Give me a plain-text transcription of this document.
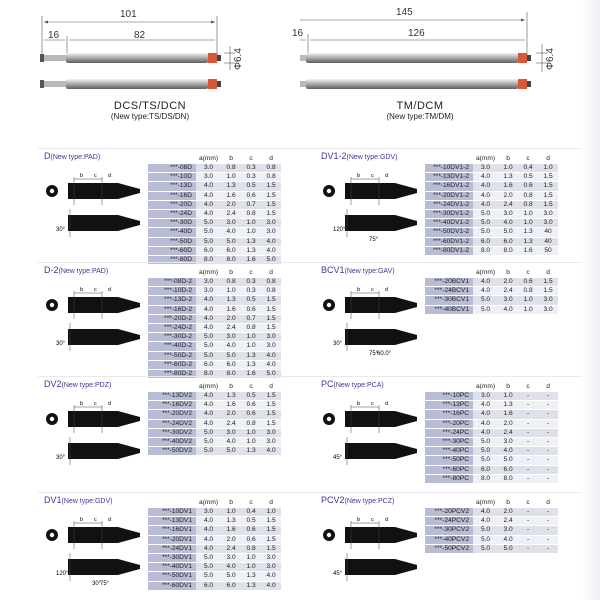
101
16	82
Φ6.4
DCS/TS/DCN
(New type:TS/DS/DN)
145
16	126
Φ6.4
TM/DCM
(New type:TM/DM)
D(New type:PAD)
30°
b c d
	a(mm)	b	c	d
***-08D	3.0	0.8	0.3	0.8
***-10D	3.0	1.0	0.3	0.8
***-13D	4.0	1.3	0.5	1.5
***-16D	4.0	1.6	0.6	1.5
***-20D	4.0	2.0	0.7	1.5
***-24D	4.0	2.4	0.8	1.5
***-30D	5.0	3.0	1.0	3.0
***-40D	5.0	4.0	1.0	3.0
***-50D	5.0	5.0	1.3	4.0
***-60D	6.0	6.0	1.3	4.0
***-80D	8.0	8.0	1.6	5.0
DV1-2(New type:GDV)
120°
75°
b c d
	a(mm)	b	c	d
***-10DV1-2	3.0	1.0	0.4	1.0
***-13DV1-2	4.0	1.3	0.5	1.5
***-16DV1-2	4.0	1.6	0.6	1.5
***-20DV1-2	4.0	2.0	0.8	1.5
***-24DV1-2	4.0	2.4	0.8	1.5
***-30DV1-2	5.0	3.0	1.0	3.0
***-40DV1-2	5.0	4.0	1.0	3.0
***-50DV1-2	5.0	5.0	1.3	40
***-60DV1-2	6.0	6.0	1.3	40
***-80DV1-2	8.0	8.0	1.6	50
D-2(New type:PAD)
30°
b c d
	a(mm)	b	c	d
***-08D-2	3.0	0.8	0.3	0.8
***-10D-2	3.0	1.0	0.3	0.8
***-13D-2	4.0	1.3	0.5	1.5
***-16D-2	4.0	1.6	0.6	1.5
***-20D-2	4.0	2.0	0.7	1.5
***-24D-2	4.0	2.4	0.8	1.5
***-30D-2	5.0	3.0	1.0	3.0
***-40D-2	5.0	4.0	1.0	3.0
***-50D-2	5.0	5.0	1.3	4.0
***-60D-2	6.0	6.0	1.3	4.0
***-80D-2	8.0	8.0	1.6	5.0
BCV1(New type:GAV)
30°
75°
60.0°
b c d
	a(mm)	b	c	d
***-20BCV1	4.0	2.0	0.6	1.5
***-24BCV1	4.0	2.4	0.8	1.5
***-30BCV1	5.0	3.0	1.0	3.0
***-40BCV1	5.0	4.0	1.0	3.0
DV2(New type:PDZ)
30°
b c d
	a(mm)	b	c	d
***-13DV2	4.0	1.3	0.5	1.5
***-16DV2	4.0	1.6	0.6	1.5
***-20DV2	4.0	2.0	0.6	1.5
***-24DV2	4.0	2.4	0.8	1.5
***-30DV2	5.0	3.0	1.0	3.0
***-40DV2	5.0	4.0	1.0	3.0
***-50DV2	5.0	5.0	1.3	4.0
PC(New type:PCA)
45°
b c d
	a(mm)	b	c	d
***-10PC	3.0	1.0	-	-
***-13PC	4.0	1.3	-	-
***-16PC	4.0	1.6	-	-
***-20PC	4.0	2.0	-	-
***-24PC	4.0	2.4	-	-
***-30PC	5.0	3.0	-	-
***-40PC	5.0	4.0	-	-
***-50PC	5.0	5.0	-	-
***-60PC	6.0	6.0	-	-
***-80PC	8.0	8.0	-	-
DV1(New type:GDV)
120°
30°
75°
b c d
	a(mm)	b	c	d
***-10DV1	3.0	1.0	0.4	1.0
***-13DV1	4.0	1.3	0.5	1.5
***-16DV1	4.0	1.6	0.6	1.5
***-20DV1	4.0	2.0	0.6	1.5
***-24DV1	4.0	2.4	0.8	1.5
***-30DV1	5.0	3.0	1.0	3.0
***-40DV1	5.0	4.0	1.0	3.0
***-50DV1	5.0	5.0	1.3	4.0
***-60DV1	6.0	6.0	1.3	4.0
PCV2(New type:PCZ)
45°
b c d
	a(mm)	b	c	d
***-20PCV2	4.0	2.0	-	-
***-24PCV2	4.0	2.4	-	-
***-30PCV2	5.0	3.0	-	-
***-40PCV2	5.0	4.0	-	-
***-50PCV2	5.0	5.0	-	-
